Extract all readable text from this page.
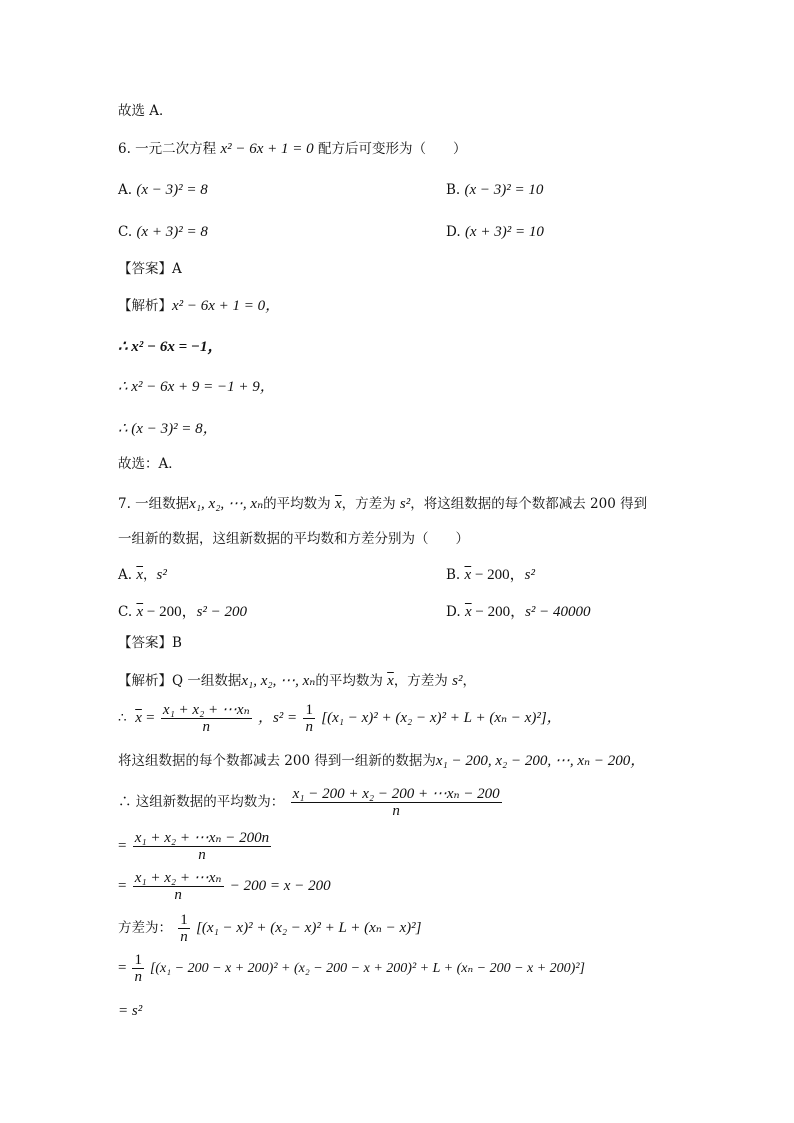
故选 A．
6. 一元二次方程 x² − 6x + 1 = 0 配方后可变形为（　　）
A. (x − 3)² = 8	B. (x − 3)² = 10
C. (x + 3)² = 8	D. (x + 3)² = 10
【答案】A
【解析】x² − 6x + 1 = 0，
∴ x² − 6x = −1，
∴ x² − 6x + 9 = −1 + 9，
∴ (x − 3)² = 8，
故选：A．
7. 一组数据x₁, x₂, ⋯, xₙ的平均数为 $\overline{x}$，方差为 s²，将这组数据的每个数都减去 200 得到
一组新的数据，这组新数据的平均数和方差分别为（　　）
A. $\overline{x}$，s²	B. $\overline{x} - 200$，s²
C. $\overline{x} - 200$，s² − 200	D. $\overline{x} - 200$，s² − 40000
【答案】B
【解析】Q 一组数据x₁, x₂, ⋯, xₙ的平均数为 $\overline{x}$，方差为 s²，
∴ $\overline{x} = \frac{\text{x₁ + x₂ + ⋯xₙ}}{n}$ ，$s^2 = \frac{1}{n} [(x_1 - x)^2 + (x_2 - x)^2 + L + (x_n - x)^2]$，
将这组数据的每个数都减去 200 得到一组新的数据为x₁ − 200, x₂ − 200, ⋯, xₙ − 200，
∴ 这组新数据的平均数为： $\frac{\text{x₁ − 200 + x₂ − 200 + ⋯xₙ − 200}}{n}$
= $\frac{\text{x₁ + x₂ + ⋯xₙ − 200n}}{n}$
= $\frac{\text{x₁ + x₂ + ⋯xₙ}}{n} - 200 = x - 200$
方差为： $\frac{1}{n} [(x_1 - x)^2 + (x_2 - x)^2 + L + (x_n - x)^2]$
= $\frac{1}{n} [(x_1 - 200 - x + 200)^2 + (x_2 - 200 - x + 200)^2 + L + (x_n - 200 - x + 200)^2]$
= s²
